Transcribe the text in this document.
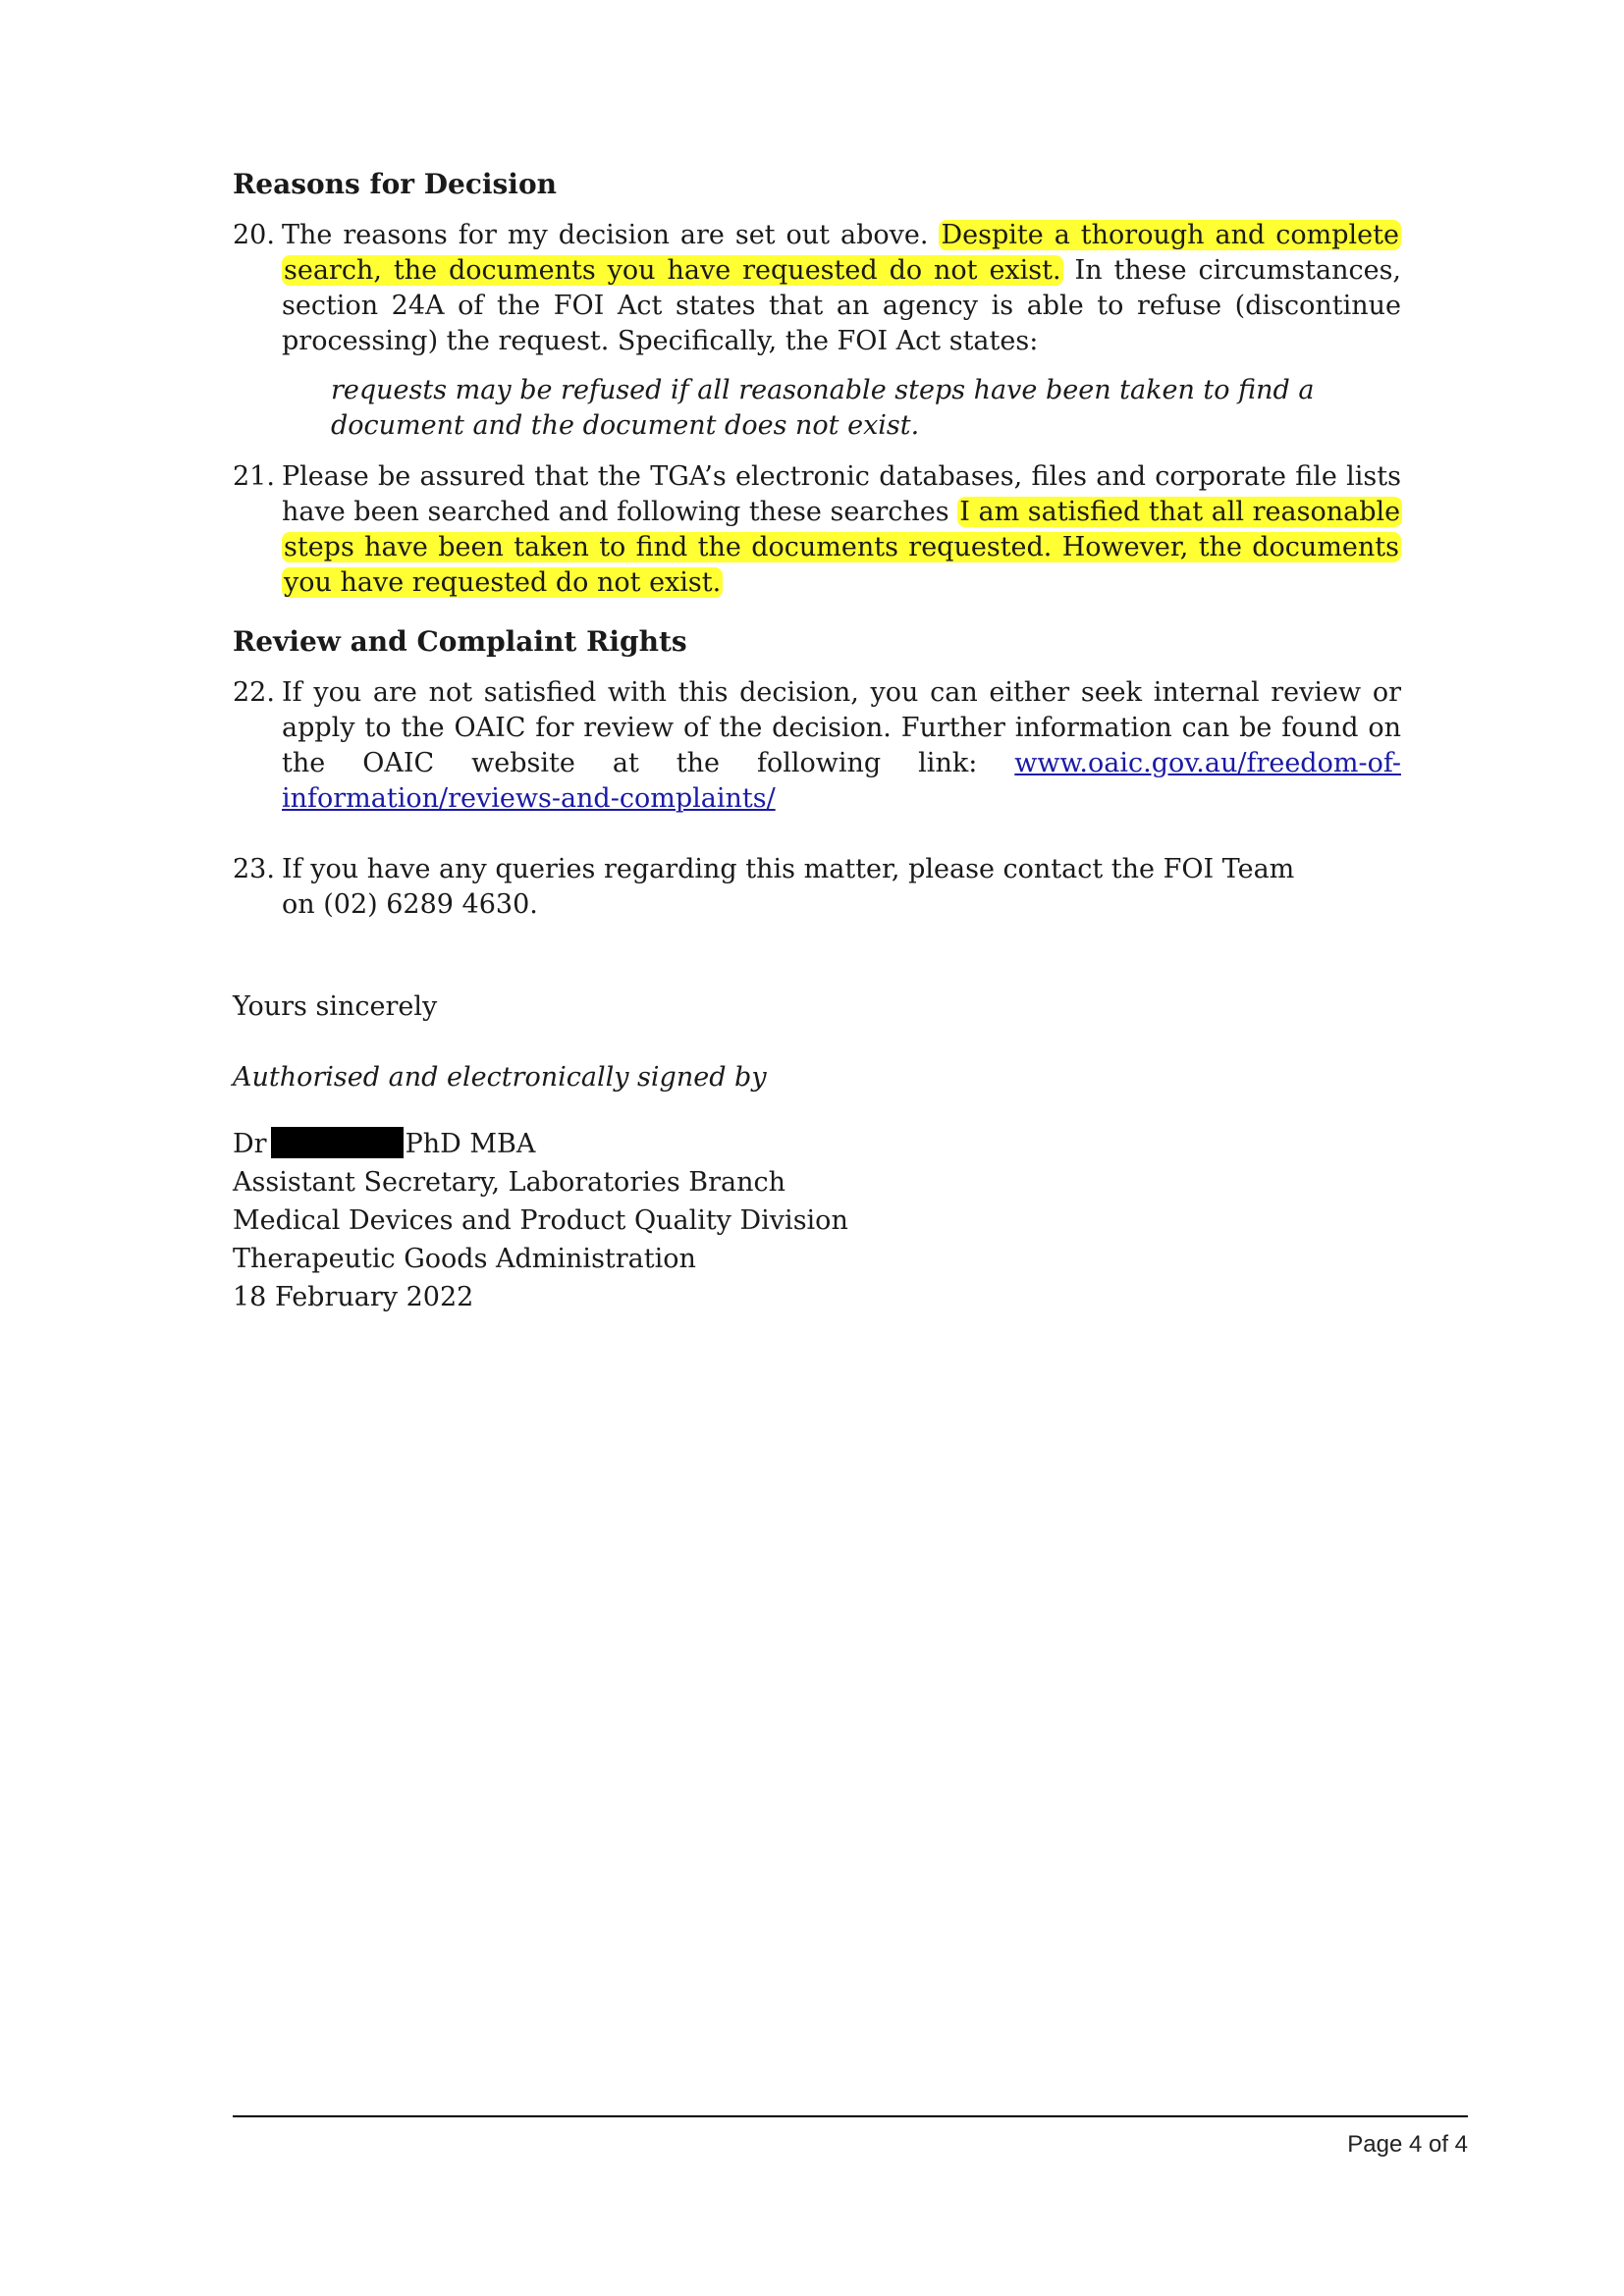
Reasons for Decision
20. The reasons for my decision are set out above. Despite a thorough and complete search, the documents you have requested do not exist. In these circumstances, section 24A of the FOI Act states that an agency is able to refuse (discontinue processing) the request. Specifically, the FOI Act states:
requests may be refused if all reasonable steps have been taken to find a document and the document does not exist.
21. Please be assured that the TGA’s electronic databases, files and corporate file lists have been searched and following these searches I am satisfied that all reasonable steps have been taken to find the documents requested. However, the documents you have requested do not exist.
Review and Complaint Rights
22. If you are not satisfied with this decision, you can either seek internal review or apply to the OAIC for review of the decision. Further information can be found on the OAIC website at the following link: www.oaic.gov.au/freedom-of-information/reviews-and-complaints/
23. If you have any queries regarding this matter, please contact the FOI Team
on (02) 6289 4630.
Yours sincerely
Authorised and electronically signed by
Dr	PhD MBA
Assistant Secretary, Laboratories Branch
Medical Devices and Product Quality Division
Therapeutic Goods Administration
18 February 2022
Page 4 of 4
